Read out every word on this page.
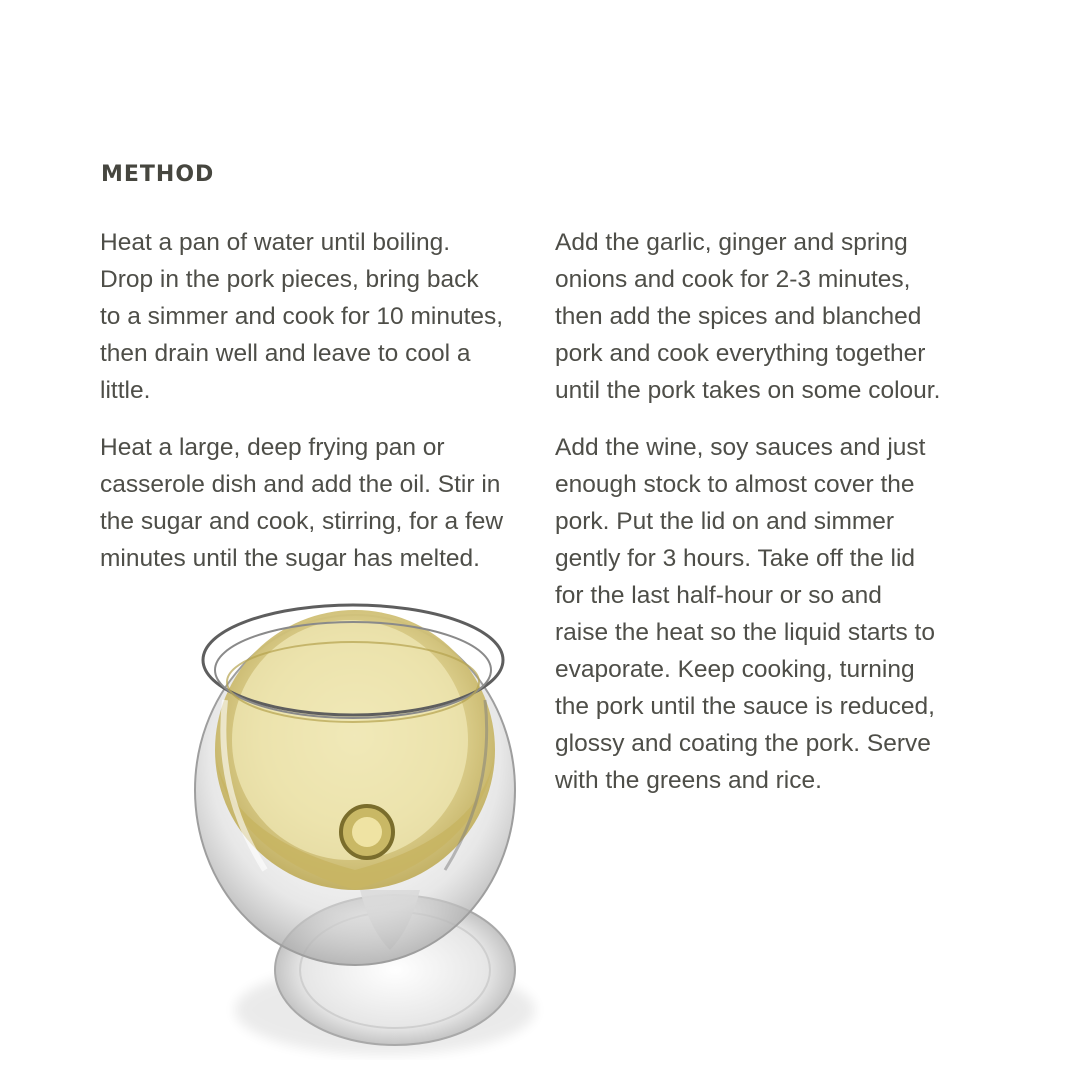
METHOD

Heat a pan of water until boiling.
Drop in the pork pieces, bring back
to a simmer and cook for 10 minutes,
then drain well and leave to cool a
little.

Heat a large, deep frying pan or
casserole dish and add the oil. Stir in
the sugar and cook, stirring, for a few
minutes until the sugar has melted.

Add the garlic, ginger and spring
onions and cook for 2-3 minutes,
then add the spices and blanched
pork and cook everything together
until the pork takes on some colour.

Add the wine, soy sauces and just
enough stock to almost cover the
pork. Put the lid on and simmer
gently for 3 hours. Take off the lid
for the last half-hour or so and
raise the heat so the liquid starts to
evaporate. Keep cooking, turning
the pork until the sauce is reduced,
glossy and coating the pork. Serve
with the greens and rice.
